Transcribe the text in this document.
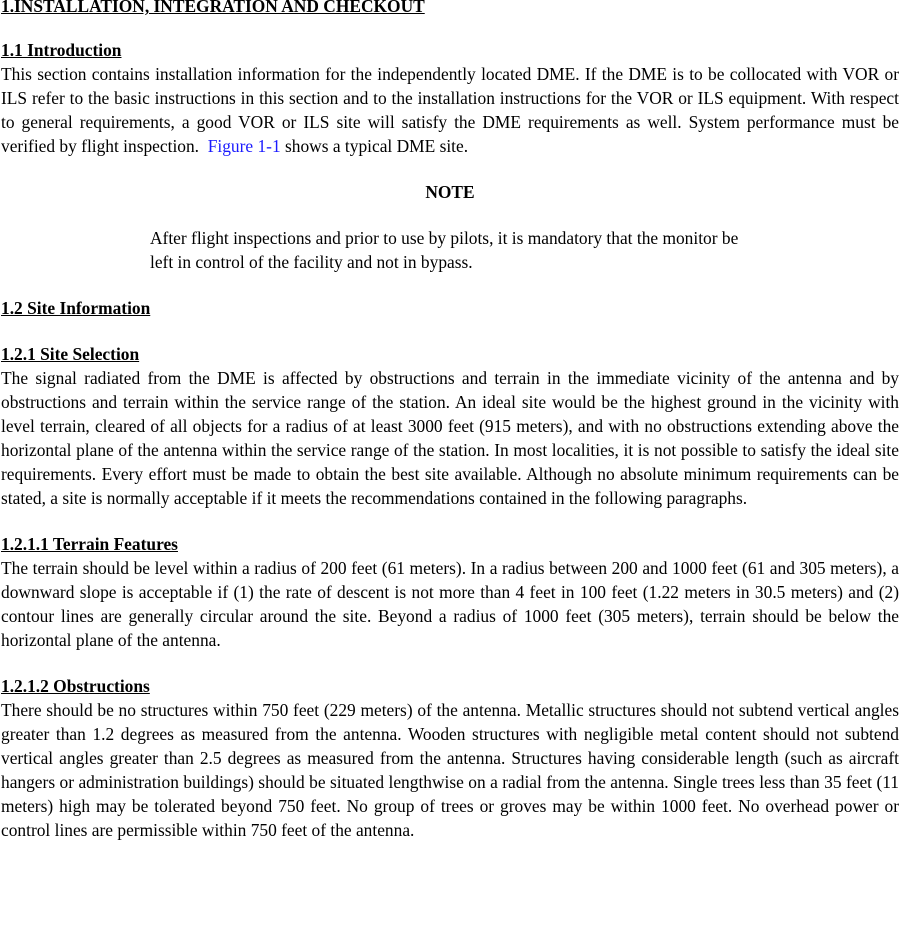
1.INSTALLATION, INTEGRATION AND CHECKOUT
1.1 Introduction

This section contains installation information for the independently located DME. If the DME is to be collocated with VOR or ILS refer to the basic instructions in this section and to the installation instructions for the VOR or ILS equipment. With respect to general requirements, a good VOR or ILS site will satisfy the DME requirements as well. System performance must be verified by flight inspection. Figure 1-1 shows a typical DME site.

NOTE

After flight inspections and prior to use by pilots, it is mandatory that the monitor be left in control of the facility and not in bypass.

1.2 Site Information
1.2.1 Site Selection

The signal radiated from the DME is affected by obstructions and terrain in the immediate vicinity of the antenna and by obstructions and terrain within the service range of the station. An ideal site would be the highest ground in the vicinity with level terrain, cleared of all objects for a radius of at least 3000 feet (915 meters), and with no obstructions extending above the horizontal plane of the antenna within the service range of the station. In most localities, it is not possible to satisfy the ideal site requirements. Every effort must be made to obtain the best site available. Although no absolute minimum requirements can be stated, a site is normally acceptable if it meets the recommendations contained in the following paragraphs.

1.2.1.1 Terrain Features

The terrain should be level within a radius of 200 feet (61 meters). In a radius between 200 and 1000 feet (61 and 305 meters), a downward slope is acceptable if (1) the rate of descent is not more than 4 feet in 100 feet (1.22 meters in 30.5 meters) and (2) contour lines are generally circular around the site. Beyond a radius of 1000 feet (305 meters), terrain should be below the horizontal plane of the antenna.

1.2.1.2 Obstructions

There should be no structures within 750 feet (229 meters) of the antenna. Metallic structures should not subtend vertical angles greater than 1.2 degrees as measured from the antenna. Wooden structures with negligible metal content should not subtend vertical angles greater than 2.5 degrees as measured from the antenna. Structures having considerable length (such as aircraft hangers or administration buildings) should be situated lengthwise on a radial from the antenna. Single trees less than 35 feet (11 meters) high may be tolerated beyond 750 feet. No group of trees or groves may be within 1000 feet. No overhead power or control lines are permissible within 750 feet of the antenna.
